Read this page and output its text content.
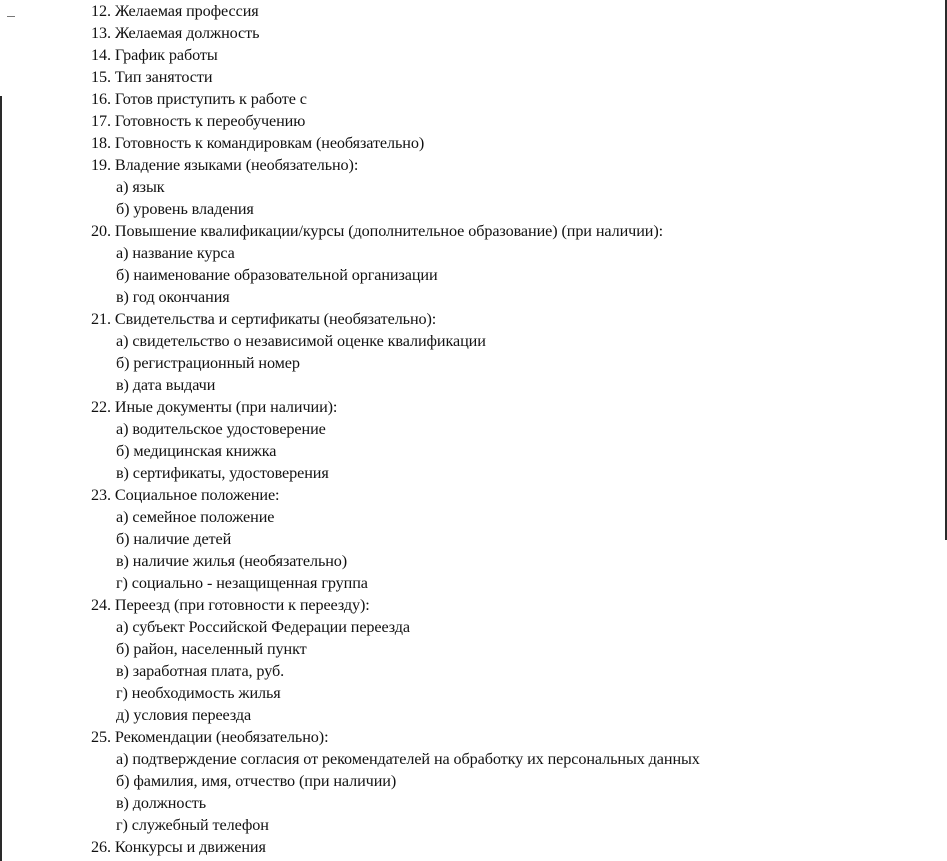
12. Желаемая профессия
13. Желаемая должность
14. График работы
15. Тип занятости
16. Готов приступить к работе с
17. Готовность к переобучению
18. Готовность к командировкам (необязательно)
19. Владение языками (необязательно):
а) язык
б) уровень владения
20. Повышение квалификации/курсы (дополнительное образование) (при наличии):
а) название курса
б) наименование образовательной организации
в) год окончания
21. Свидетельства и сертификаты (необязательно):
а) свидетельство о независимой оценке квалификации
б) регистрационный номер
в) дата выдачи
22. Иные документы (при наличии):
а) водительское удостоверение
б) медицинская книжка
в) сертификаты, удостоверения
23. Социальное положение:
а) семейное положение
б) наличие детей
в) наличие жилья (необязательно)
г) социально - незащищенная группа
24. Переезд (при готовности к переезду):
а) субъект Российской Федерации переезда
б) район, населенный пункт
в) заработная плата, руб.
г) необходимость жилья
д) условия переезда
25. Рекомендации (необязательно):
а) подтверждение согласия от рекомендателей на обработку их персональных данных
б) фамилия, имя, отчество (при наличии)
в) должность
г) служебный телефон
26. Конкурсы и движения
